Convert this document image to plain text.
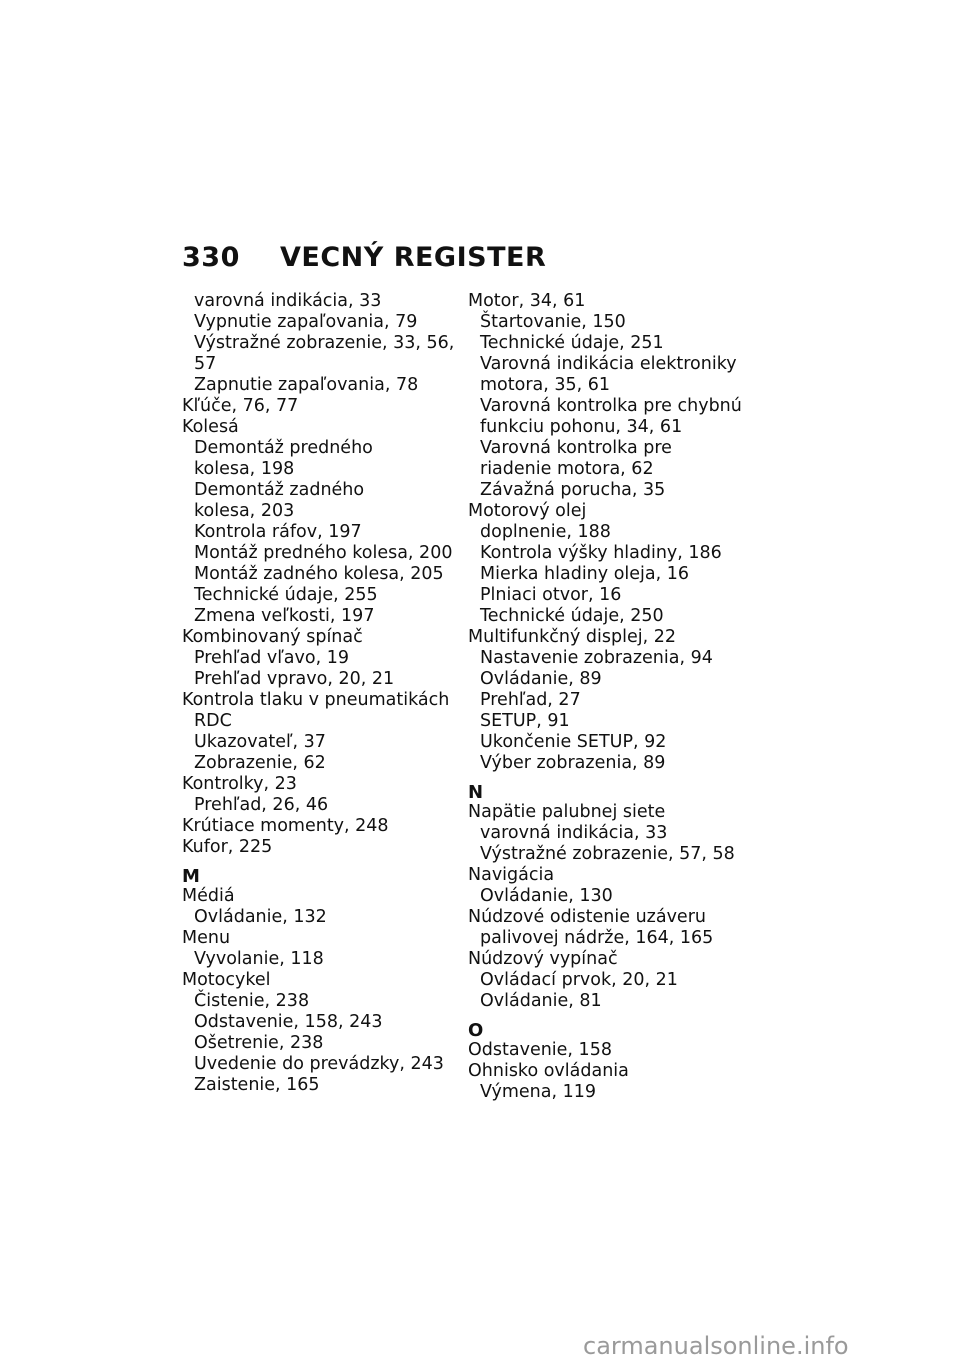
330 VECNÝ REGISTER
varovná indikácia, 33
Vypnutie zapaľovania, 79
Výstražné zobrazenie, 33, 56,
57
Zapnutie zapaľovania, 78
Kľúče, 76, 77
Kolesá
Demontáž predného
kolesa, 198
Demontáž zadného
kolesa, 203
Kontrola ráfov, 197
Montáž predného kolesa, 200
Montáž zadného kolesa, 205
Technické údaje, 255
Zmena veľkosti, 197
Kombinovaný spínač
Prehľad vľavo, 19
Prehľad vpravo, 20, 21
Kontrola tlaku v pneumatikách
RDC
Ukazovateľ, 37
Zobrazenie, 62
Kontrolky, 23
Prehľad, 26, 46
Krútiace momenty, 248
Kufor, 225
M
Médiá
Ovládanie, 132
Menu
Vyvolanie, 118
Motocykel
Čistenie, 238
Odstavenie, 158, 243
Ošetrenie, 238
Uvedenie do prevádzky, 243
Zaistenie, 165
Motor, 34, 61
Štartovanie, 150
Technické údaje, 251
Varovná indikácia elektroniky
motora, 35, 61
Varovná kontrolka pre chybnú
funkciu pohonu, 34, 61
Varovná kontrolka pre
riadenie motora, 62
Závažná porucha, 35
Motorový olej
doplnenie, 188
Kontrola výšky hladiny, 186
Mierka hladiny oleja, 16
Plniaci otvor, 16
Technické údaje, 250
Multifunkčný displej, 22
Nastavenie zobrazenia, 94
Ovládanie, 89
Prehľad, 27
SETUP, 91
Ukončenie SETUP, 92
Výber zobrazenia, 89
N
Napätie palubnej siete
varovná indikácia, 33
Výstražné zobrazenie, 57, 58
Navigácia
Ovládanie, 130
Núdzové odistenie uzáveru
palivovej nádrže, 164, 165
Núdzový vypínač
Ovládací prvok, 20, 21
Ovládanie, 81
O
Odstavenie, 158
Ohnisko ovládania
Výmena, 119
carmanualsonline.info
